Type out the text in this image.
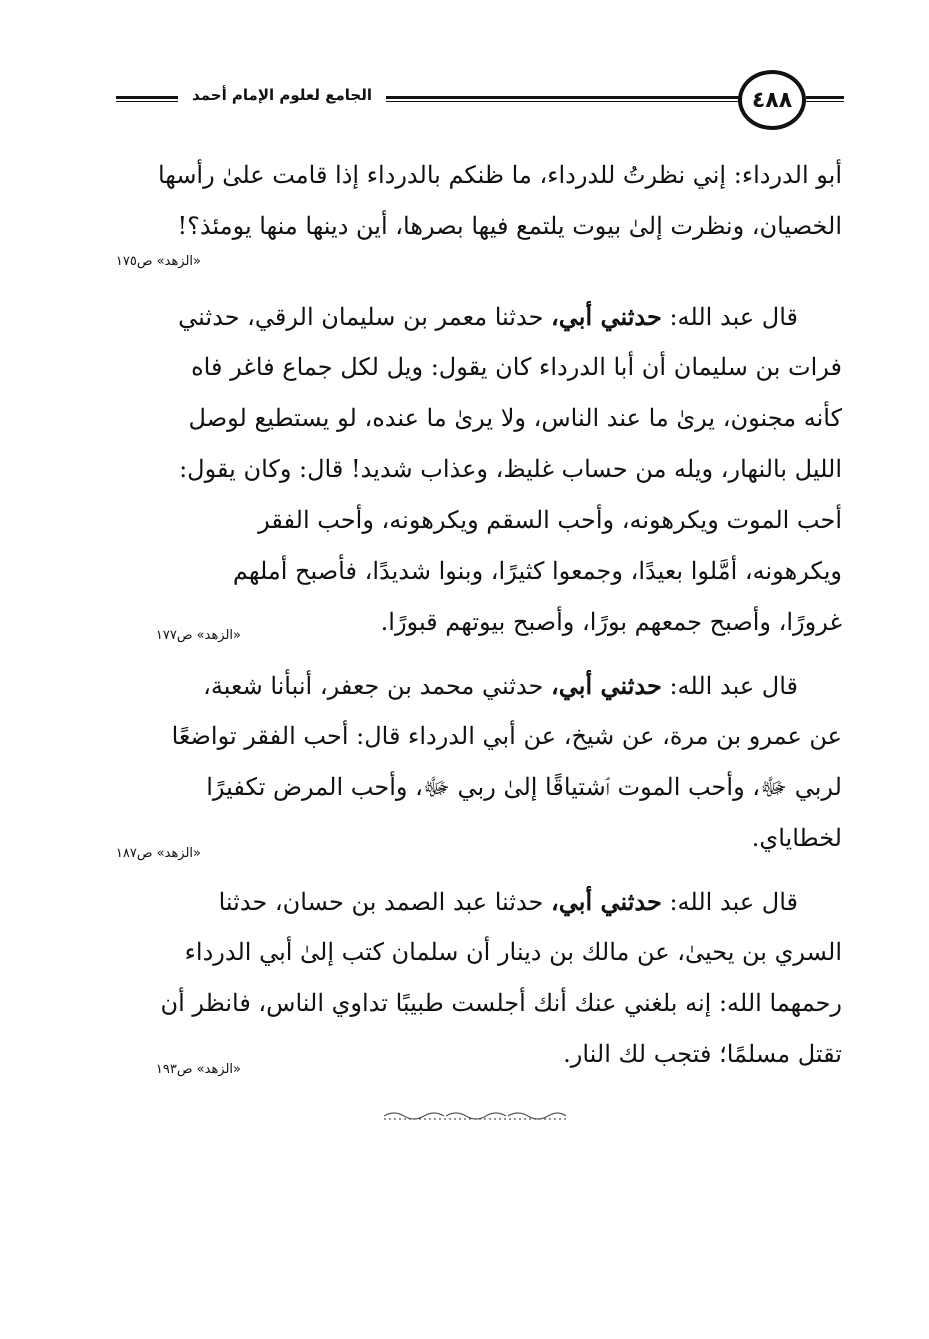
الجامع لعلوم الإمام أحمد	٤٨٨
أبو الدرداء: إني نظرتُ للدرداء، ما ظنكم بالدرداء إذا قامت علىٰ رأسها
الخصيان، ونظرت إلىٰ بيوت يلتمع فيها بصرها، أين دينها منها يومئذ؟!
«الزهد» ص١٧٥
قال عبد الله: حدثني أبي، حدثنا معمر بن سليمان الرقي، حدثني
فرات بن سليمان أن أبا الدرداء كان يقول: ويل لكل جماع فاغر فاه
كأنه مجنون، يرىٰ ما عند الناس، ولا يرىٰ ما عنده، لو يستطيع لوصل
الليل بالنهار، ويله من حساب غليظ، وعذاب شديد! قال: وكان يقول:
أحب الموت ويكرهونه، وأحب السقم ويكرهونه، وأحب الفقر
ويكرهونه، أمَّلوا بعيدًا، وجمعوا كثيرًا، وبنوا شديدًا، فأصبح أملهم
غرورًا، وأصبح جمعهم بورًا، وأصبح بيوتهم قبورًا.
«الزهد» ص١٧٧
قال عبد الله: حدثني أبي، حدثني محمد بن جعفر، أنبأنا شعبة،
عن عمرو بن مرة، عن شيخ، عن أبي الدرداء قال: أحب الفقر تواضعًا
لربي ﷻ، وأحب الموت ٱشتياقًا إلىٰ ربي ﷻ، وأحب المرض تكفيرًا
لخطاياي.
«الزهد» ص١٨٧
قال عبد الله: حدثني أبي، حدثنا عبد الصمد بن حسان، حدثنا
السري بن يحيىٰ، عن مالك بن دينار أن سلمان كتب إلىٰ أبي الدرداء
رحمهما الله: إنه بلغني عنك أنك أجلست طبيبًا تداوي الناس، فانظر أن
تقتل مسلمًا؛ فتجب لك النار.
«الزهد» ص١٩٣
